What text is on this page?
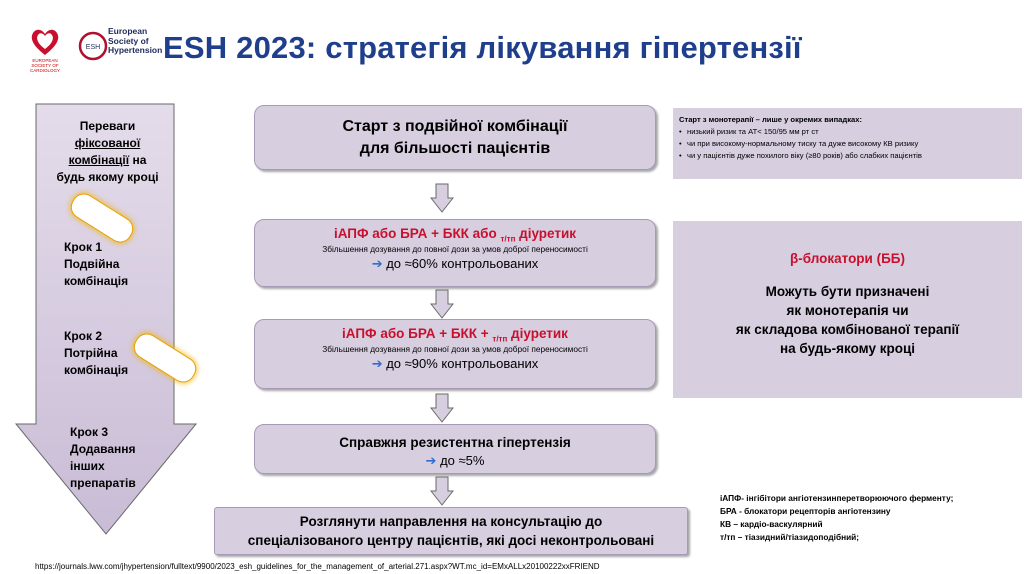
EUROPEAN SOCIETY OF CARDIOLOGY
ESH
European
Society of
Hypertension ESH 2023: стратегія лікування гіпертензії
Переваги
фіксованої
комбінації на
будь якому кроці
Крок 1
Подвійна
комбінація
Крок 2
Потрійна
комбінація
Крок 3
Додавання
інших
препаратів
Старт з подвійної комбінації
для більшості пацієнтів
іАПФ або БРА + БКК або $_{т/тп}$ діуретик
Збільшення дозування до повної дози за умов доброї переносимості
➔ до ≈60% контрольованих
іАПФ або БРА + БКК + $_{т/тп}$ діуретик
Збільшення дозування до повної дози за умов доброї переносимості
➔ до ≈90% контрольованих
Справжня резистентна гіпертензія
➔ до ≈5%
Розглянути направлення на консультацію до
спеціалізованого центру пацієнтів, які досі неконтрольовані
Старт з монотерапії – лише у окремих випадках:
• низький ризик та АТ< 150/95 мм рт ст
• чи при високому-нормальному тиску та дуже високому КВ ризику
• чи у пацієнтів дуже похилого віку (≥80 років) або слабких пацієнтів
β-блокатори (ББ)
Можуть бути призначені
як монотерапія чи
як складова комбінованої терапії
на будь-якому кроці
іАПФ- інгібітори ангіотензинперетворюючого ферменту;
БРА - блокатори рецепторів ангіотензину
КВ – кардіо-васкулярний
т/тп – тіазидний/тіазидоподібний;
https://journals.lww.com/jhypertension/fulltext/9900/2023_esh_guidelines_for_the_management_of_arterial.271.aspx?WT.mc_id=EMxALLx20100222xxFRIEND
